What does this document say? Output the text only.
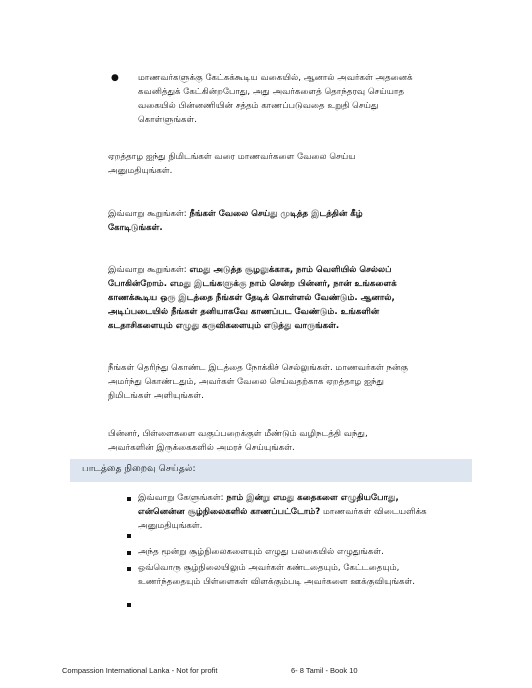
● மாணவர்களுக்கு கேட்கக்கூடிய வகையில், ஆனால் அவர்கள் அதனைக்
கவனித்துக் கேட்கின்றபோது, அது அவர்களைத் தொந்தரவு செய்யாத
வகையில் பின்னணியின் சத்தம் காணப்படுவதை உறுதி செய்து
கொள்ளுங்கள்.
ஏறத்தாழ ஐந்து நிமிடங்கள் வரை மாணவர்களை வேலை செய்ய
அனுமதியுங்கள்.
இவ்வாறு கூறுங்கள்: நீங்கள் வேலை செய்து முடித்த இடத்தின் கீழ்
கோடிடுங்கள்.
இவ்வாறு கூறுங்கள்: எமது அடுத்த சூழலுக்காக, நாம் வெளியில் செல்லப்
போகின்றோம். எமது இடங்களுக்கு நாம் சென்ற பின்னர், நான் உங்களைக்
காணக்கூடிய ஒரு இடத்தை நீங்கள் தேடிக் கொள்ளல் வேண்டும். ஆனால்,
அடிப்படையில் நீங்கள் தனியாகவே காணப்பட வேண்டும். உங்களின்
கடதாசிகளையும் எழுது கருவிகளையும் எடுத்து வாருங்கள்.
நீங்கள் தெரிந்து கொண்ட இடத்தை நோக்கிச் செல்லுங்கள். மாணவர்கள் நன்கு
அமர்ந்து கொண்டதும், அவர்கள் வேலை செய்வதற்காக ஏறத்தாழ ஐந்து
நிமிடங்கள் அளியுங்கள்.
பின்னர், பிள்ளைகளை வகுப்பறைக்குள் மீண்டும் வழிநடத்தி வந்து,
அவர்களின் இருக்கைகளில் அமரச் செய்யுங்கள்.
பாடத்தை நிறைவு செய்தல்:
இவ்வாறு கேளுங்கள்: நாம் இன்று எமது கதைகளை எழுதியபோது,
என்னென்ன சூழ்நிலைகளில் காணப்பட்டோம்? மாணவர்கள் விடையளிக்க
அனுமதியுங்கள்.
அந்த மூன்று சூழ்நிலைகளையும் எழுது பலகையில் எழுதுங்கள்.
ஒவ்வொரு சூழ்நிலையிலும் அவர்கள் கண்டதையும், கேட்டதையும்,
உணர்ந்ததையும் பிள்ளைகள் விளக்கும்படி அவர்களை ஊக்குவியுங்கள்.
Compassion International Lanka - Not for profit	6- 8 Tamil - Book 10
